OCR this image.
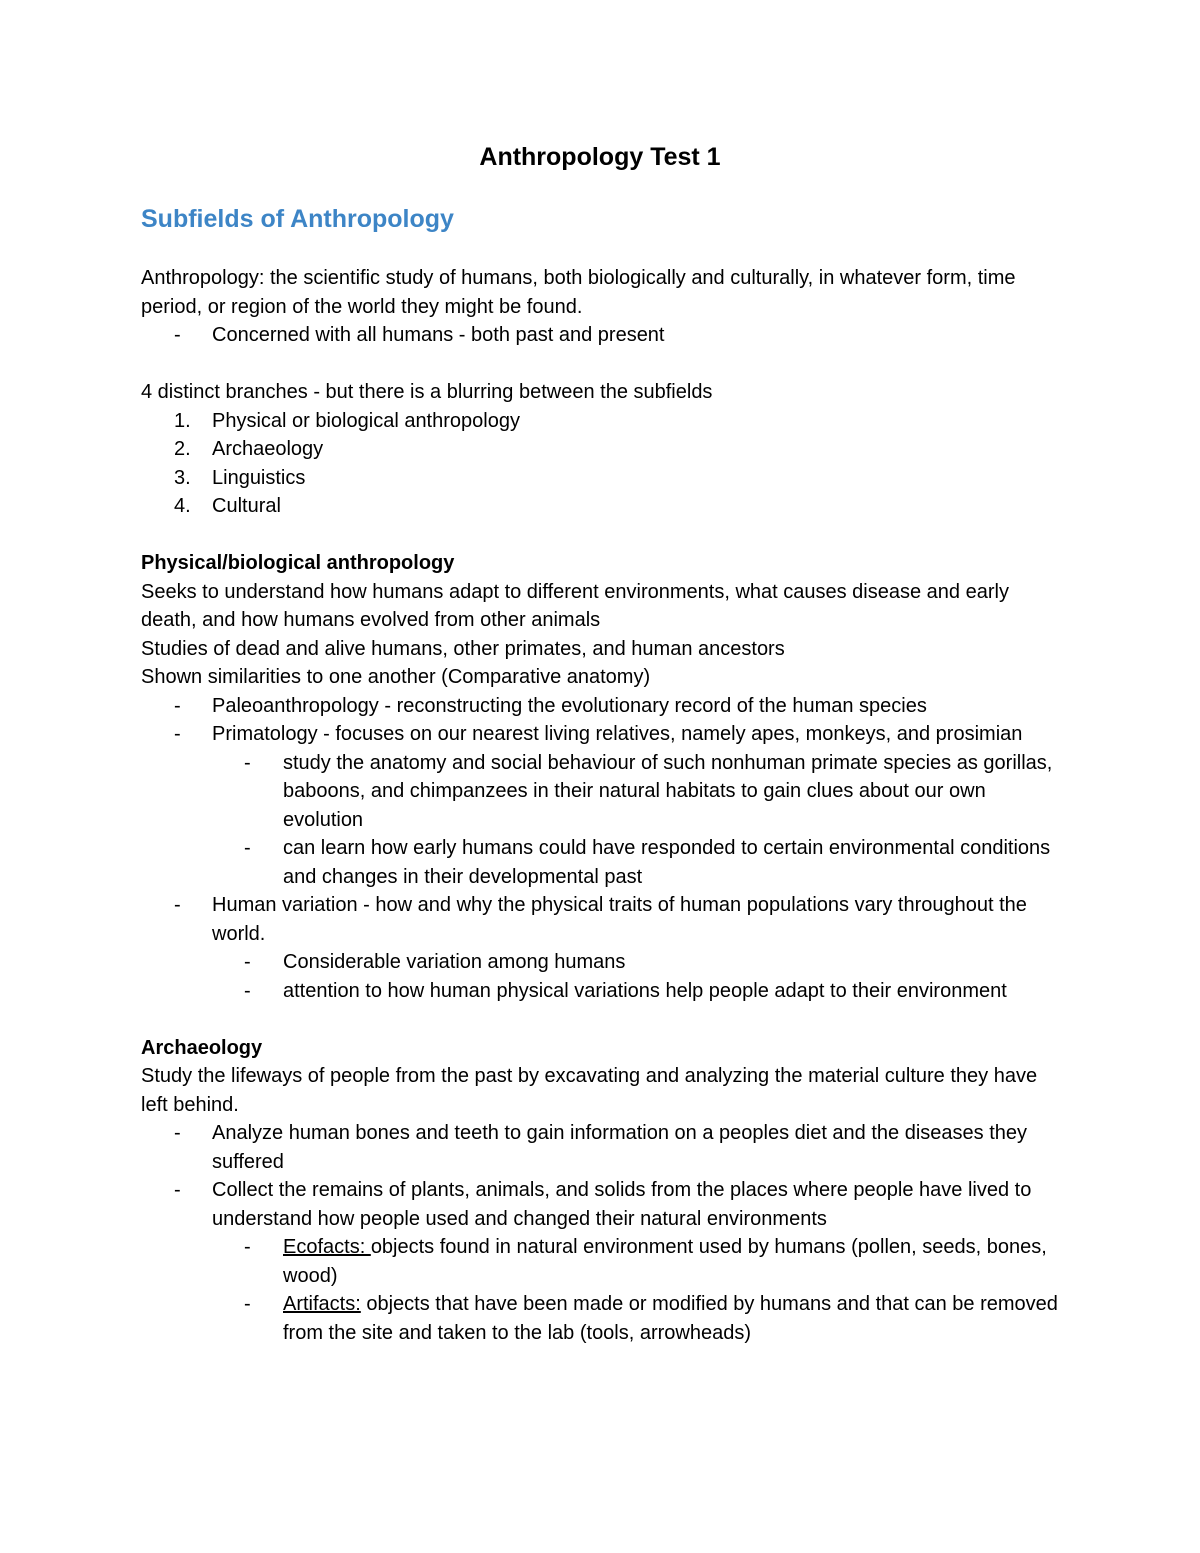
Anthropology Test 1
Subfields of Anthropology

Anthropology: the scientific study of humans, both biologically and culturally, in whatever form, time period, or region of the world they might be found.

- Concerned with all humans - both past and present

4 distinct branches - but there is a blurring between the subfields

1. Physical or biological anthropology
2. Archaeology
3. Linguistics
4. Cultural

Physical/biological anthropology

Seeks to understand how humans adapt to different environments, what causes disease and early death, and how humans evolved from other animals

Studies of dead and alive humans, other primates, and human ancestors

Shown similarities to one another (Comparative anatomy)

- Paleoanthropology - reconstructing the evolutionary record of the human species
- Primatology - focuses on our nearest living relatives, namely apes, monkeys, and prosimian
- study the anatomy and social behaviour of such nonhuman primate species as gorillas, baboons, and chimpanzees in their natural habitats to gain clues about our own evolution
- can learn how early humans could have responded to certain environmental conditions and changes in their developmental past
- Human variation - how and why the physical traits of human populations vary throughout the world.
- Considerable variation among humans
- attention to how human physical variations help people adapt to their environment

Archaeology

Study the lifeways of people from the past by excavating and analyzing the material culture they have left behind.

- Analyze human bones and teeth to gain information on a peoples diet and the diseases they suffered
- Collect the remains of plants, animals, and solids from the places where people have lived to understand how people used and changed their natural environments
- Ecofacts: objects found in natural environment used by humans (pollen, seeds, bones, wood)
- Artifacts: objects that have been made or modified by humans and that can be removed from the site and taken to the lab (tools, arrowheads)
